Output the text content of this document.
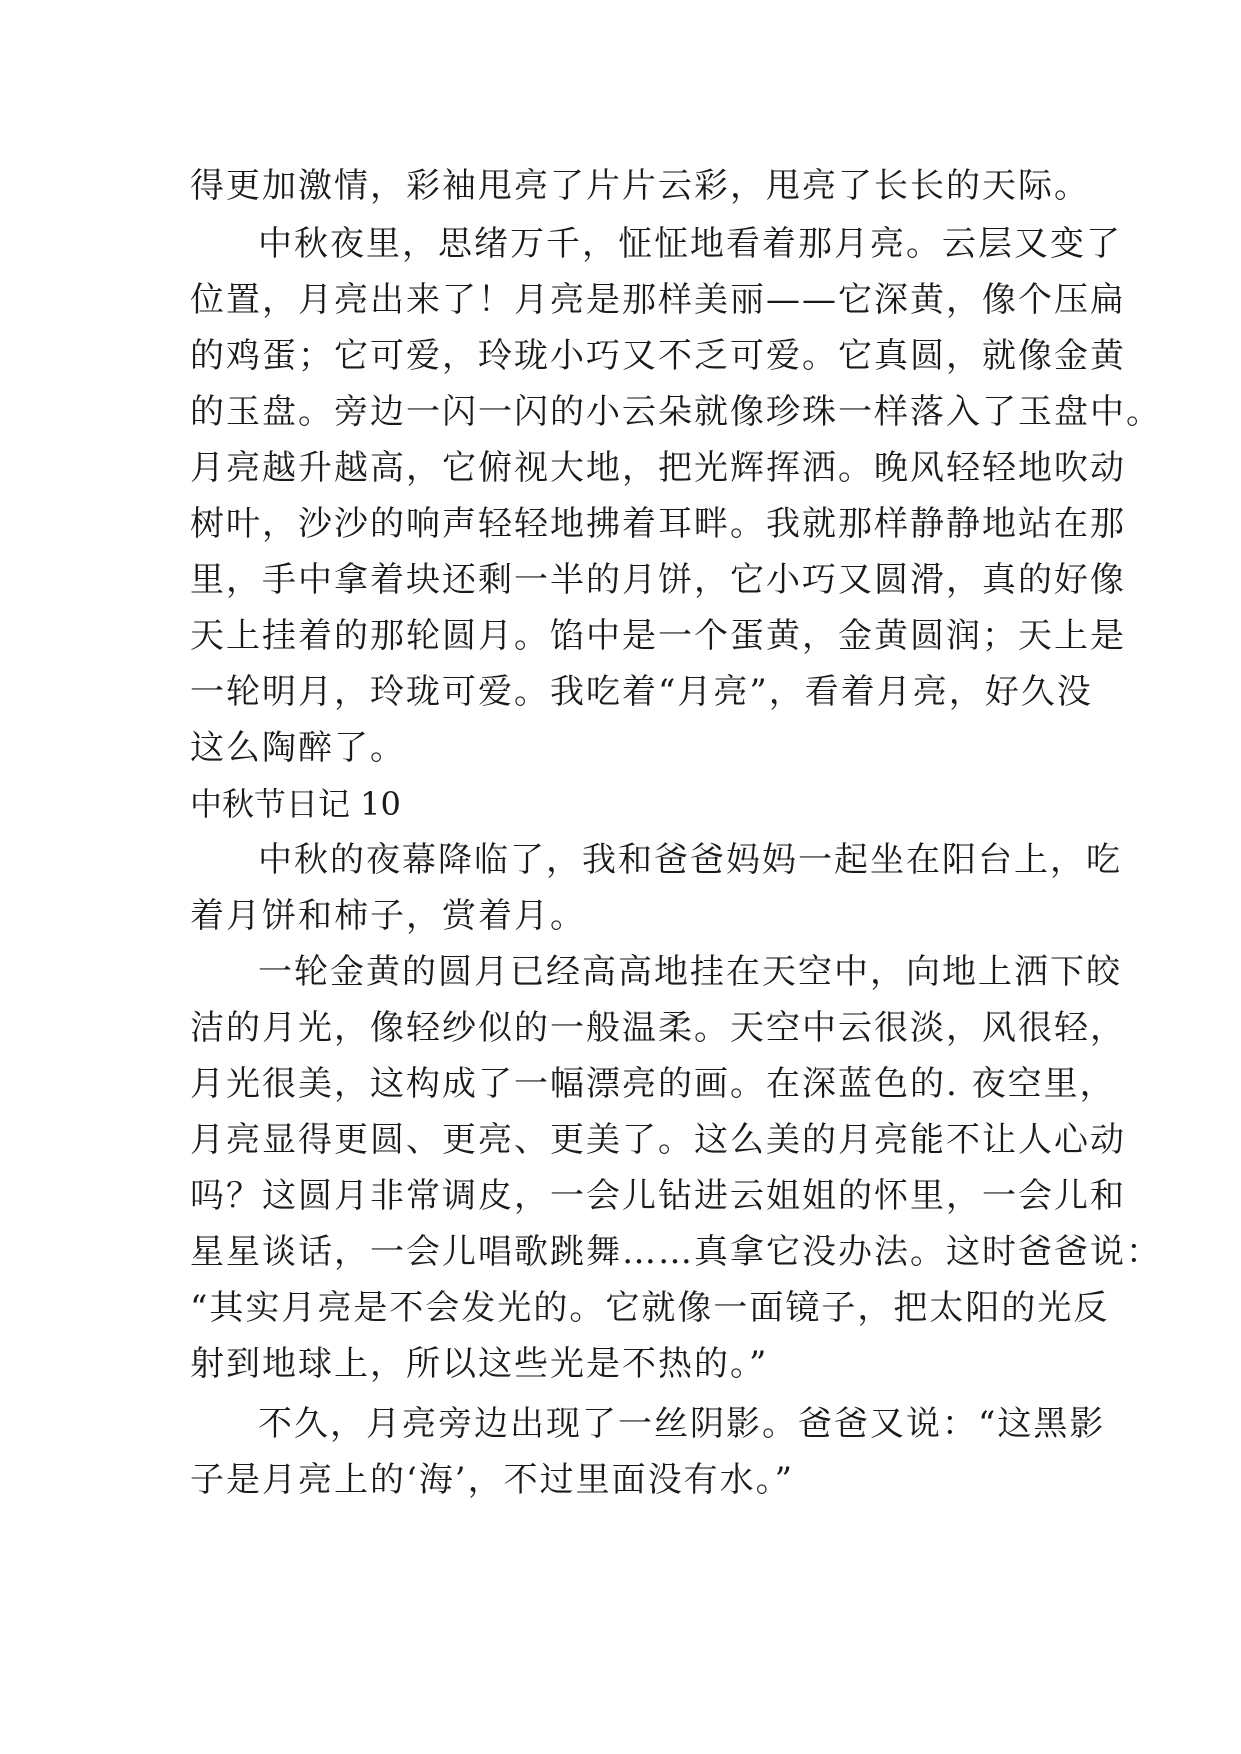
得更加激情，彩袖甩亮了片片云彩，甩亮了长长的天际。
中秋夜里，思绪万千，怔怔地看着那月亮。云层又变了
位置，月亮出来了！月亮是那样美丽——它深黄，像个压扁
的鸡蛋；它可爱，玲珑小巧又不乏可爱。它真圆，就像金黄
的玉盘。旁边一闪一闪的小云朵就像珍珠一样落入了玉盘中。
月亮越升越高，它俯视大地，把光辉挥洒。晚风轻轻地吹动
树叶，沙沙的响声轻轻地拂着耳畔。我就那样静静地站在那
里，手中拿着块还剩一半的月饼，它小巧又圆滑，真的好像
天上挂着的那轮圆月。馅中是一个蛋黄，金黄圆润；天上是
一轮明月，玲珑可爱。我吃着“月亮”，看着月亮，好久没
这么陶醉了。
中秋节日记 10
中秋的夜幕降临了，我和爸爸妈妈一起坐在阳台上，吃
着月饼和柿子，赏着月。
一轮金黄的圆月已经高高地挂在天空中，向地上洒下皎
洁的月光，像轻纱似的一般温柔。天空中云很淡，风很轻，
月光很美，这构成了一幅漂亮的画。在深蓝色的. 夜空里，
月亮显得更圆、更亮、更美了。这么美的月亮能不让人心动
吗？这圆月非常调皮，一会儿钻进云姐姐的怀里，一会儿和
星星谈话，一会儿唱歌跳舞……真拿它没办法。这时爸爸说：
“其实月亮是不会发光的。它就像一面镜子，把太阳的光反
射到地球上，所以这些光是不热的。”
不久，月亮旁边出现了一丝阴影。爸爸又说：“这黑影
子是月亮上的‘海’，不过里面没有水。”
